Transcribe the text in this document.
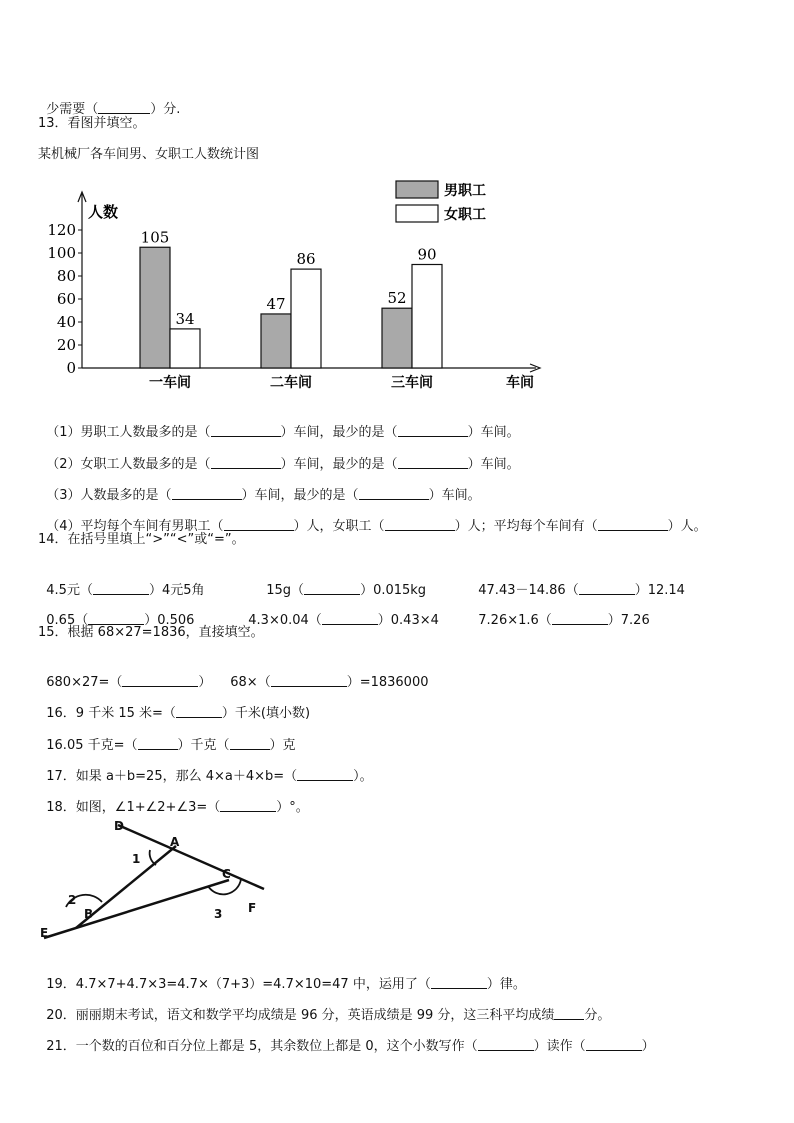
少需要（	）分.

13．看图并填空。
某机械厂各车间男、女职工人数统计图
0
20
40
60
80
100
120
人数
车间
105
34
一车间
47
86
二车间
52
90
三车间
男职工
女职工

（1）男职工人数最多的是（	）车间，最少的是（	）车间。

（2）女职工人数最多的是（	）车间，最少的是（	）车间。

（3）人数最多的是（	）车间，最少的是（	）车间。

（4）平均每个车间有男职工（	）人，女职工（	）人；平均每个车间有（	）人。

14．在括号里填上“>”“<”或“=”。

4.5元（	）4元5角	15g（	）0.015kg	47.43－14.86（	）12.14

0.65（	）0.506	4.3×0.04（	）0.43×4	7.26×1.6（	）7.26

15．根据 68×27=1836，直接填空。

680×27=（	）	68×（	）=1836000

16．9 千米 15 米=（	）千米(填小数)

16.05 千克=（	）千克（	）克

17．如果 a＋b=25，那么 4×a＋4×b=（	）。

18．如图，∠1+∠2+∠3=（	）°。

D
A
C
F
E
B
1
2
3

19．4.7×7+4.7×3=4.7×（7+3）=4.7×10=47 中，运用了（	）律。

20．丽丽期末考试，语文和数学平均成绩是 96 分，英语成绩是 99 分，这三科平均成绩 分。

21．一个数的百位和百分位上都是 5，其余数位上都是 0，这个小数写作（	）读作（	）
